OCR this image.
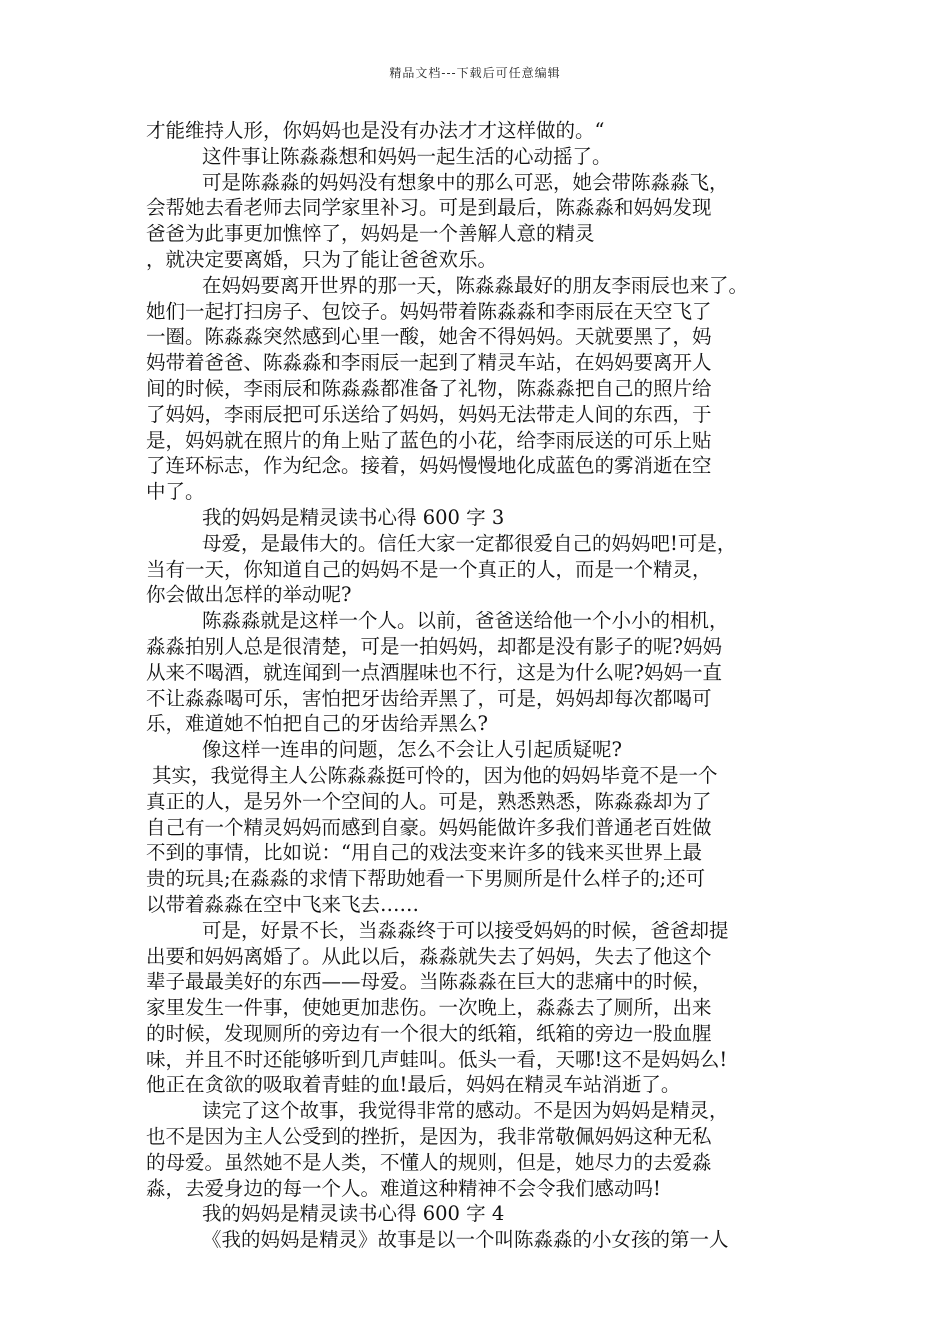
精品文档---下载后可任意编辑
才能维持人形，你妈妈也是没有办法才才这样做的。“
这件事让陈淼淼想和妈妈一起生活的心动摇了。
可是陈淼淼的妈妈没有想象中的那么可恶，她会带陈淼淼飞，
会帮她去看老师去同学家里补习。可是到最后，陈淼淼和妈妈发现
爸爸为此事更加憔悴了，妈妈是一个善解人意的精灵
，就决定要离婚，只为了能让爸爸欢乐。
在妈妈要离开世界的那一天，陈淼淼最好的朋友李雨辰也来了。
她们一起打扫房子、包饺子。妈妈带着陈淼淼和李雨辰在天空飞了
一圈。陈淼淼突然感到心里一酸，她舍不得妈妈。天就要黑了，妈
妈带着爸爸、陈淼淼和李雨辰一起到了精灵车站，在妈妈要离开人
间的时候，李雨辰和陈淼淼都准备了礼物，陈淼淼把自己的照片给
了妈妈，李雨辰把可乐送给了妈妈，妈妈无法带走人间的东西，于
是，妈妈就在照片的角上贴了蓝色的小花，给李雨辰送的可乐上贴
了连环标志，作为纪念。接着，妈妈慢慢地化成蓝色的雾消逝在空
中了。
我的妈妈是精灵读书心得 600 字 3
母爱，是最伟大的。信任大家一定都很爱自己的妈妈吧!可是，
当有一天，你知道自己的妈妈不是一个真正的人，而是一个精灵，
你会做出怎样的举动呢?
陈淼淼就是这样一个人。以前，爸爸送给他一个小小的相机，
淼淼拍别人总是很清楚，可是一拍妈妈，却都是没有影子的呢?妈妈
从来不喝酒，就连闻到一点酒腥味也不行，这是为什么呢?妈妈一直
不让淼淼喝可乐，害怕把牙齿给弄黑了，可是，妈妈却每次都喝可
乐，难道她不怕把自己的牙齿给弄黑么?
像这样一连串的问题，怎么不会让人引起质疑呢?
其实，我觉得主人公陈淼淼挺可怜的，因为他的妈妈毕竟不是一个
真正的人，是另外一个空间的人。可是，熟悉熟悉，陈淼淼却为了
自己有一个精灵妈妈而感到自豪。妈妈能做许多我们普通老百姓做
不到的事情，比如说：“用自己的戏法变来许多的钱来买世界上最
贵的玩具;在淼淼的求情下帮助她看一下男厕所是什么样子的;还可
以带着淼淼在空中飞来飞去……
可是，好景不长，当淼淼终于可以接受妈妈的时候，爸爸却提
出要和妈妈离婚了。从此以后，淼淼就失去了妈妈，失去了他这个
辈子最最美好的东西——母爱。当陈淼淼在巨大的悲痛中的时候，
家里发生一件事，使她更加悲伤。一次晚上，淼淼去了厕所，出来
的时候，发现厕所的旁边有一个很大的纸箱，纸箱的旁边一股血腥
味，并且不时还能够听到几声蛙叫。低头一看，天哪!这不是妈妈么!
他正在贪欲的吸取着青蛙的血!最后，妈妈在精灵车站消逝了。
读完了这个故事，我觉得非常的感动。不是因为妈妈是精灵，
也不是因为主人公受到的挫折，是因为，我非常敬佩妈妈这种无私
的母爱。虽然她不是人类，不懂人的规则，但是，她尽力的去爱淼
淼，去爱身边的每一个人。难道这种精神不会令我们感动吗!
我的妈妈是精灵读书心得 600 字 4
《我的妈妈是精灵》故事是以一个叫陈淼淼的小女孩的第一人
